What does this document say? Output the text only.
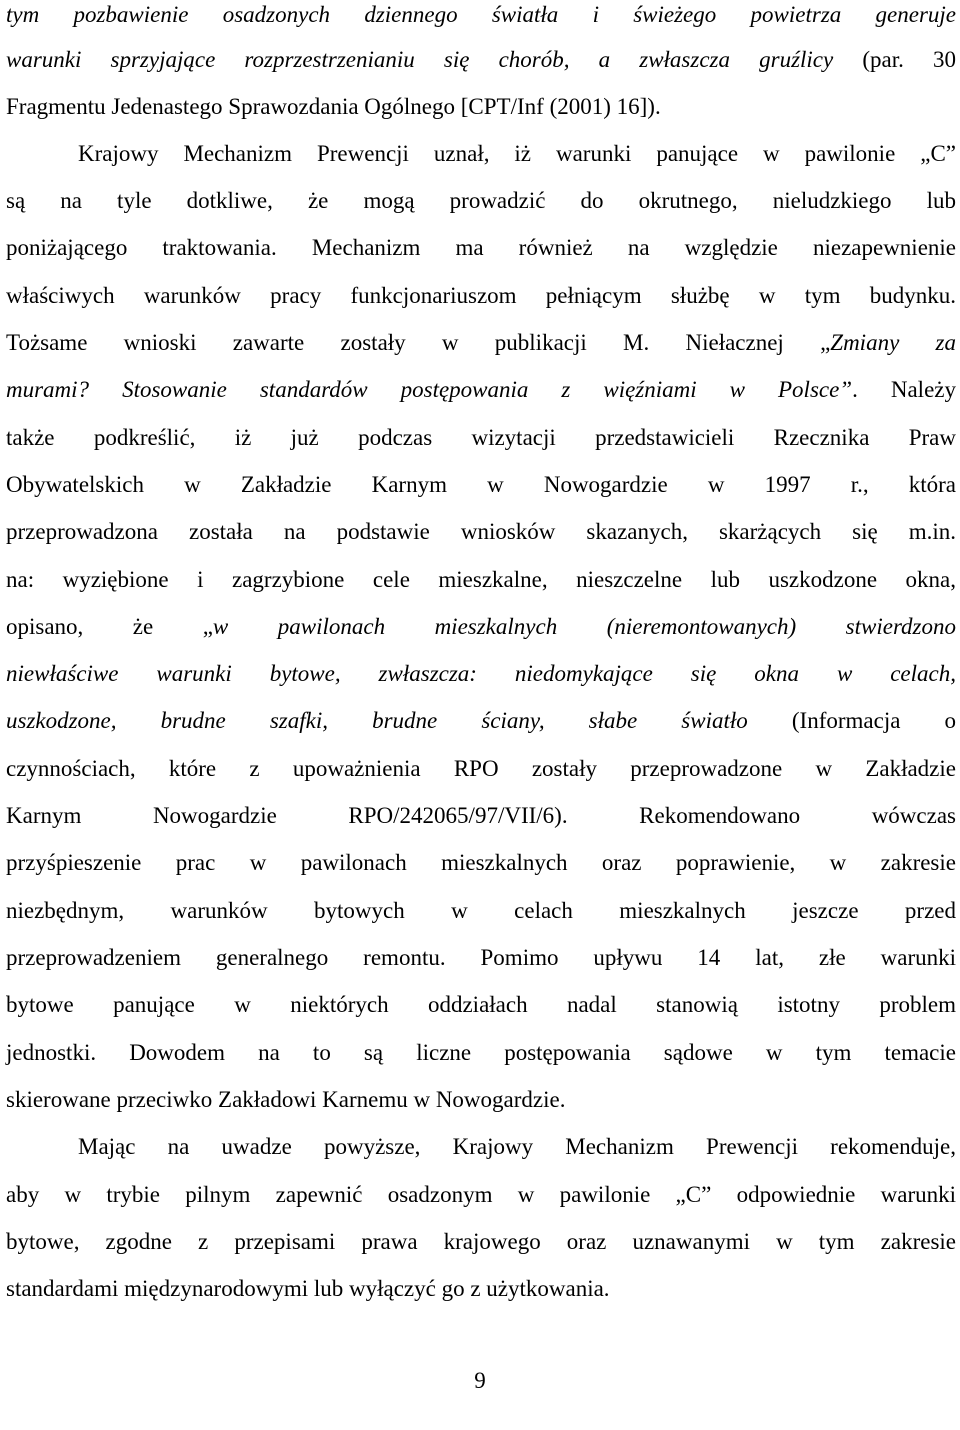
tym pozbawienie osadzonych dziennego światła i świeżego powietrza generuje
warunki sprzyjające rozprzestrzenianiu się chorób, a zwłaszcza gruźlicy (par. 30
Fragmentu Jedenastego Sprawozdania Ogólnego [CPT/Inf (2001) 16]).
Krajowy Mechanizm Prewencji uznał, iż warunki panujące w pawilonie „C”
są na tyle dotkliwe, że mogą prowadzić do okrutnego, nieludzkiego lub
poniżającego traktowania. Mechanizm ma również na względzie niezapewnienie
właściwych warunków pracy funkcjonariuszom pełniącym służbę w tym budynku.
Tożsame wnioski zawarte zostały w publikacji M. Niełacznej „Zmiany za
murami? Stosowanie standardów postępowania z więźniami w Polsce”. Należy
także podkreślić, iż już podczas wizytacji przedstawicieli Rzecznika Praw
Obywatelskich w Zakładzie Karnym w Nowogardzie w 1997 r., która
przeprowadzona została na podstawie wniosków skazanych, skarżących się m.in.
na: wyziębione i zagrzybione cele mieszkalne, nieszczelne lub uszkodzone okna,
opisano, że „w pawilonach mieszkalnych (nieremontowanych) stwierdzono
niewłaściwe warunki bytowe, zwłaszcza: niedomykające się okna w celach,
uszkodzone, brudne szafki, brudne ściany, słabe światło (Informacja o
czynnościach, które z upoważnienia RPO zostały przeprowadzone w Zakładzie
Karnym Nowogardzie RPO/242065/97/VII/6). Rekomendowano wówczas
przyśpieszenie prac w pawilonach mieszkalnych oraz poprawienie, w zakresie
niezbędnym, warunków bytowych w celach mieszkalnych jeszcze przed
przeprowadzeniem generalnego remontu. Pomimo upływu 14 lat, złe warunki
bytowe panujące w niektórych oddziałach nadal stanowią istotny problem
jednostki. Dowodem na to są liczne postępowania sądowe w tym temacie
skierowane przeciwko Zakładowi Karnemu w Nowogardzie.
Mając na uwadze powyższe, Krajowy Mechanizm Prewencji rekomenduje,
aby w trybie pilnym zapewnić osadzonym w pawilonie „C” odpowiednie warunki
bytowe, zgodne z przepisami prawa krajowego oraz uznawanymi w tym zakresie
standardami międzynarodowymi lub wyłączyć go z użytkowania.
9
